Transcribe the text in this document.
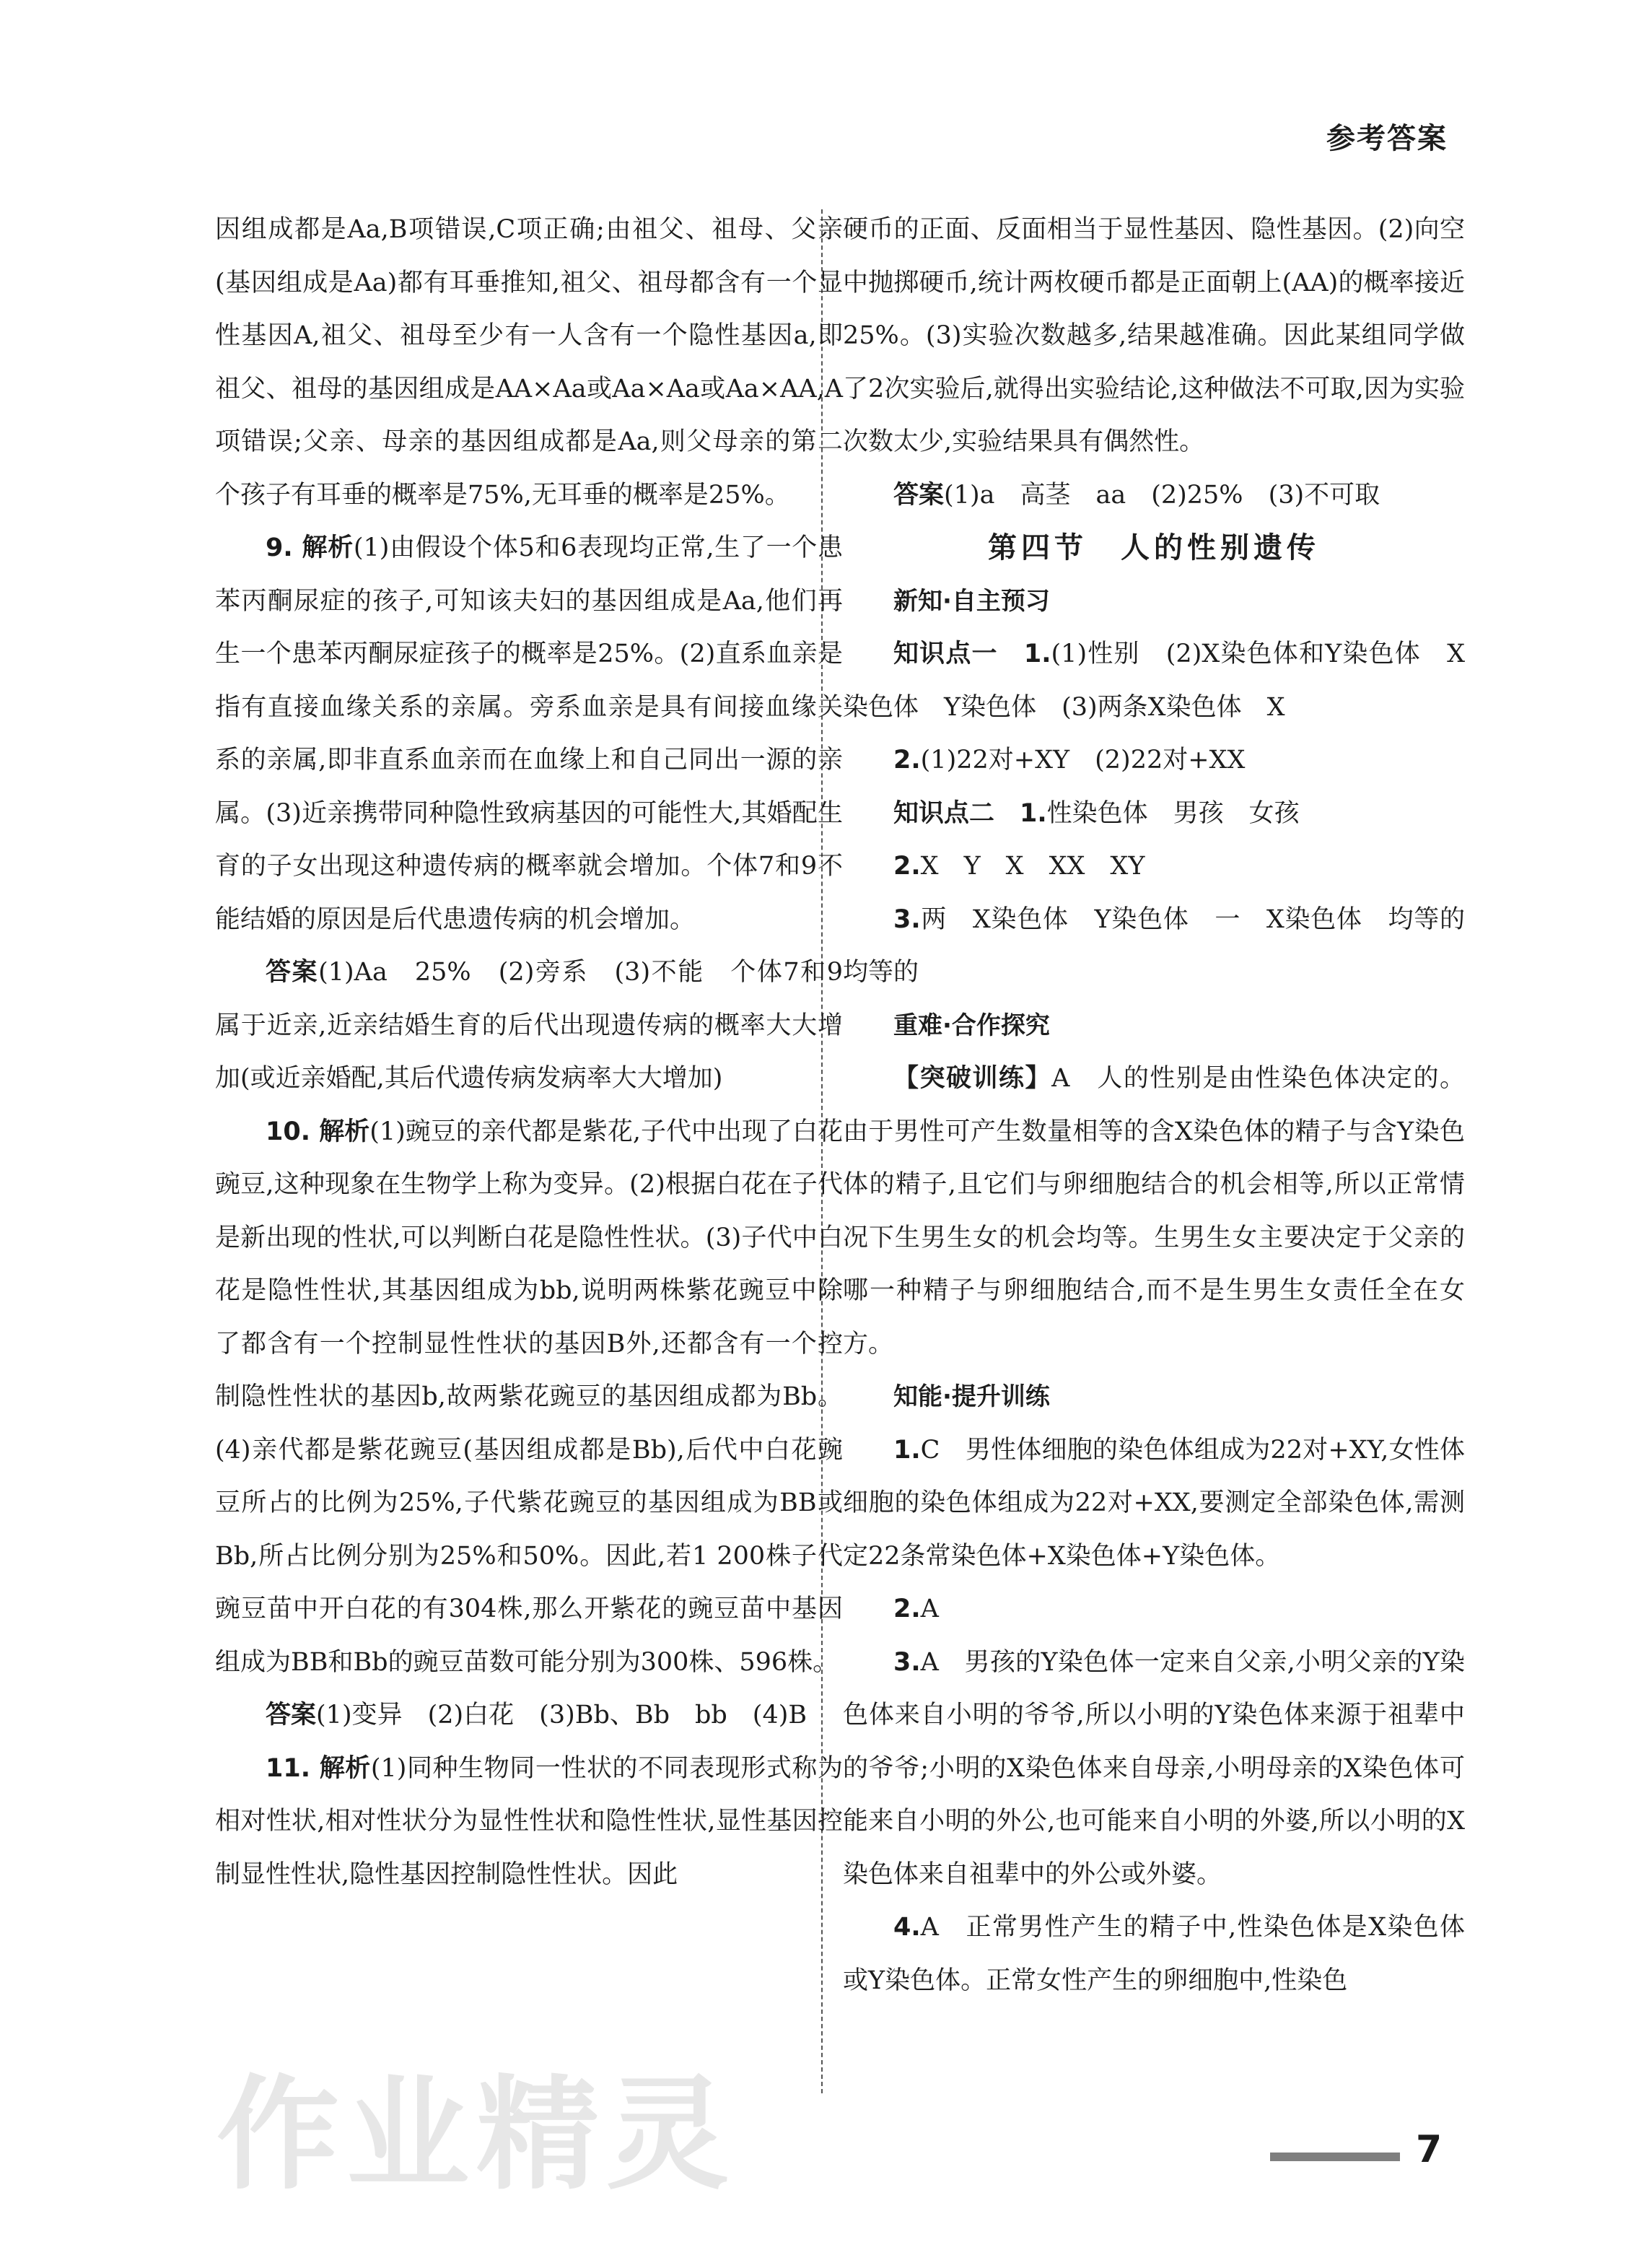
参考答案

因组成都是Aa,B项错误,C项正确;由祖父、祖母、父亲(基因组成是Aa)都有耳垂推知,祖父、祖母都含有一个显性基因A,祖父、祖母至少有一人含有一个隐性基因a,即祖父、祖母的基因组成是AA×Aa或Aa×Aa或Aa×AA,A项错误;父亲、母亲的基因组成都是Aa,则父母亲的第二个孩子有耳垂的概率是75%,无耳垂的概率是25%。

9. 解析(1)由假设个体5和6表现均正常,生了一个患苯丙酮尿症的孩子,可知该夫妇的基因组成是Aa,他们再生一个患苯丙酮尿症孩子的概率是25%。(2)直系血亲是指有直接血缘关系的亲属。旁系血亲是具有间接血缘关系的亲属,即非直系血亲而在血缘上和自己同出一源的亲属。(3)近亲携带同种隐性致病基因的可能性大,其婚配生育的子女出现这种遗传病的概率就会增加。个体7和9不能结婚的原因是后代患遗传病的机会增加。

答案(1)Aa　25%　(2)旁系　(3)不能　个体7和9属于近亲,近亲结婚生育的后代出现遗传病的概率大大增加(或近亲婚配,其后代遗传病发病率大大增加)

10. 解析(1)豌豆的亲代都是紫花,子代中出现了白花豌豆,这种现象在生物学上称为变异。(2)根据白花在子代是新出现的性状,可以判断白花是隐性性状。(3)子代中白花是隐性性状,其基因组成为bb,说明两株紫花豌豆中除了都含有一个控制显性性状的基因B外,还都含有一个控制隐性性状的基因b,故两紫花豌豆的基因组成都为Bb。(4)亲代都是紫花豌豆(基因组成都是Bb),后代中白花豌豆所占的比例为25%,子代紫花豌豆的基因组成为BB或Bb,所占比例分别为25%和50%。因此,若1 200株子代豌豆苗中开白花的有304株,那么开紫花的豌豆苗中基因组成为BB和Bb的豌豆苗数可能分别为300株、596株。

答案(1)变异　(2)白花　(3)Bb、Bb　bb　(4)B

11. 解析(1)同种生物同一性状的不同表现形式称为相对性状,相对性状分为显性性状和隐性性状,显性基因控制显性性状,隐性基因控制隐性性状。因此

硬币的正面、反面相当于显性基因、隐性基因。(2)向空中抛掷硬币,统计两枚硬币都是正面朝上(AA)的概率接近25%。(3)实验次数越多,结果越准确。因此某组同学做了2次实验后,就得出实验结论,这种做法不可取,因为实验次数太少,实验结果具有偶然性。

答案(1)a　高茎　aa　(2)25%　(3)不可取

第四节　人的性别遗传

新知·自主预习

知识点一　1.(1)性别　(2)X染色体和Y染色体　X染色体　Y染色体　(3)两条X染色体　X

2.(1)22对+XY　(2)22对+XX

知识点二　1.性染色体　男孩　女孩

2.X　Y　X　XX　XY

3.两　X染色体　Y染色体　一　X染色体　均等的　均等的

重难·合作探究

【突破训练】A　人的性别是由性染色体决定的。由于男性可产生数量相等的含X染色体的精子与含Y染色体的精子,且它们与卵细胞结合的机会相等,所以正常情况下生男生女的机会均等。生男生女主要决定于父亲的哪一种精子与卵细胞结合,而不是生男生女责任全在女方。

知能·提升训练

1.C　男性体细胞的染色体组成为22对+XY,女性体细胞的染色体组成为22对+XX,要测定全部染色体,需测定22条常染色体+X染色体+Y染色体。

2.A

3.A　男孩的Y染色体一定来自父亲,小明父亲的Y染色体来自小明的爷爷,所以小明的Y染色体来源于祖辈中的爷爷;小明的X染色体来自母亲,小明母亲的X染色体可能来自小明的外公,也可能来自小明的外婆,所以小明的X染色体来自祖辈中的外公或外婆。

4.A　正常男性产生的精子中,性染色体是X染色体或Y染色体。正常女性产生的卵细胞中,性染色

7
作业精灵
